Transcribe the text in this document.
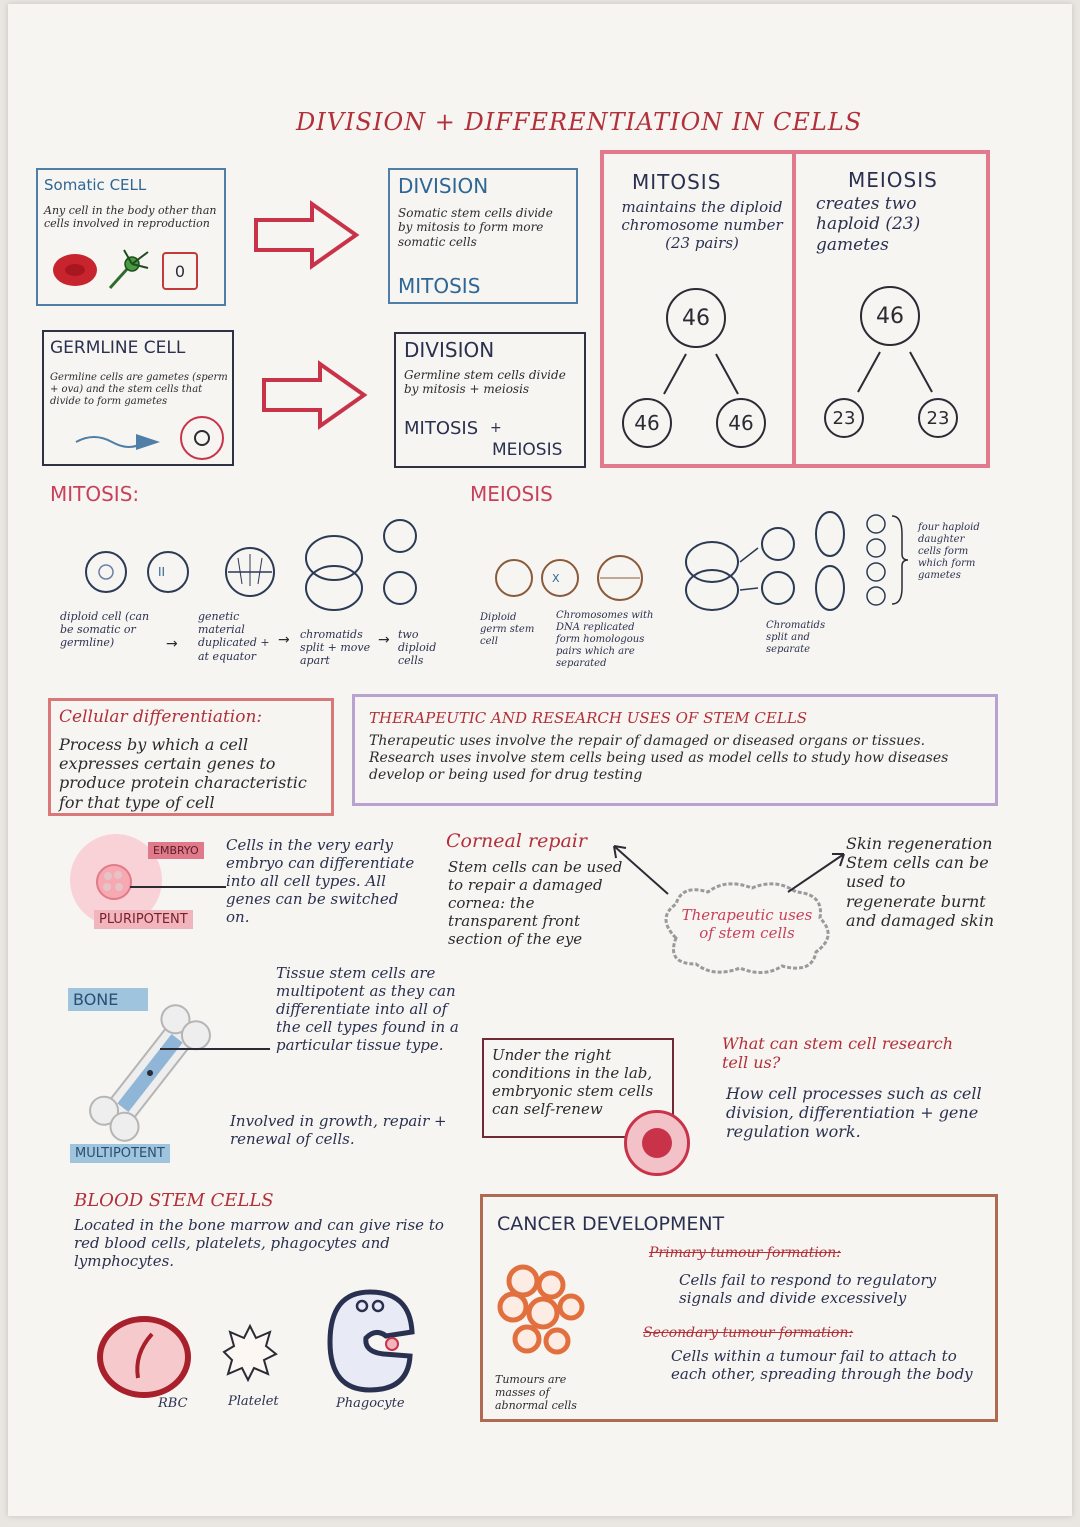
DIVISION + DIFFERENTIATION IN CELLS
Somatic CELL
Any cell in the body other than cells involved in reproduction
0
GERMLINE CELL
Germline cells are gametes (sperm + ova) and the stem cells that divide to form gametes
DIVISION
Somatic stem cells divide by mitosis to form more somatic cells
MITOSIS
DIVISION
Germline stem cells divide by mitosis + meiosis
MITOSIS +
MEIOSIS
MITOSIS
maintains the diploid chromosome number (23 pairs)
46
46	46
MEIOSIS
creates two haploid (23) gametes
46
23	23
MITOSIS:
II
diploid cell (can be somatic or germline)	→
genetic material duplicated + at equator
→ chromatids split + move apart
→ two diploid cells
MEIOSIS
X
Diploid germ stem cell
Chromosomes with DNA replicated form homologous pairs which are separated
Chromatids split and separate
four haploid daughter cells form which form gametes
Cellular differentiation:
Process by which a cell expresses certain genes to produce protein characteristic for that type of cell
THERAPEUTIC AND RESEARCH USES OF STEM CELLS
Therapeutic uses involve the repair of damaged or diseased organs or tissues. Research uses involve stem cells being used as model cells to study how diseases develop or being used for drug testing
EMBRYO
PLURIPOTENT
Cells in the very early embryo can differentiate into all cell types. All genes can be switched on.
BONE
MULTIPOTENT
Tissue stem cells are multipotent as they can differentiate into all of the cell types found in a particular tissue type.
Involved in growth, repair + renewal of cells.
Corneal repair
Stem cells can be used to repair a damaged cornea: the transparent front section of the eye
Therapeutic uses of stem cells
Skin regeneration Stem cells can be used to regenerate burnt and damaged skin
Under the right conditions in the lab, embryonic stem cells can self-renew
What can stem cell research tell us?
How cell processes such as cell division, differentiation + gene regulation work.
BLOOD STEM CELLS
Located in the bone marrow and can give rise to red blood cells, platelets, phagocytes and lymphocytes.
RBC	Platelet	Phagocyte
CANCER DEVELOPMENT
Tumours are masses of abnormal cells
Primary tumour formation:
Cells fail to respond to regulatory signals and divide excessively
Secondary tumour formation:
Cells within a tumour fail to attach to each other, spreading through the body
